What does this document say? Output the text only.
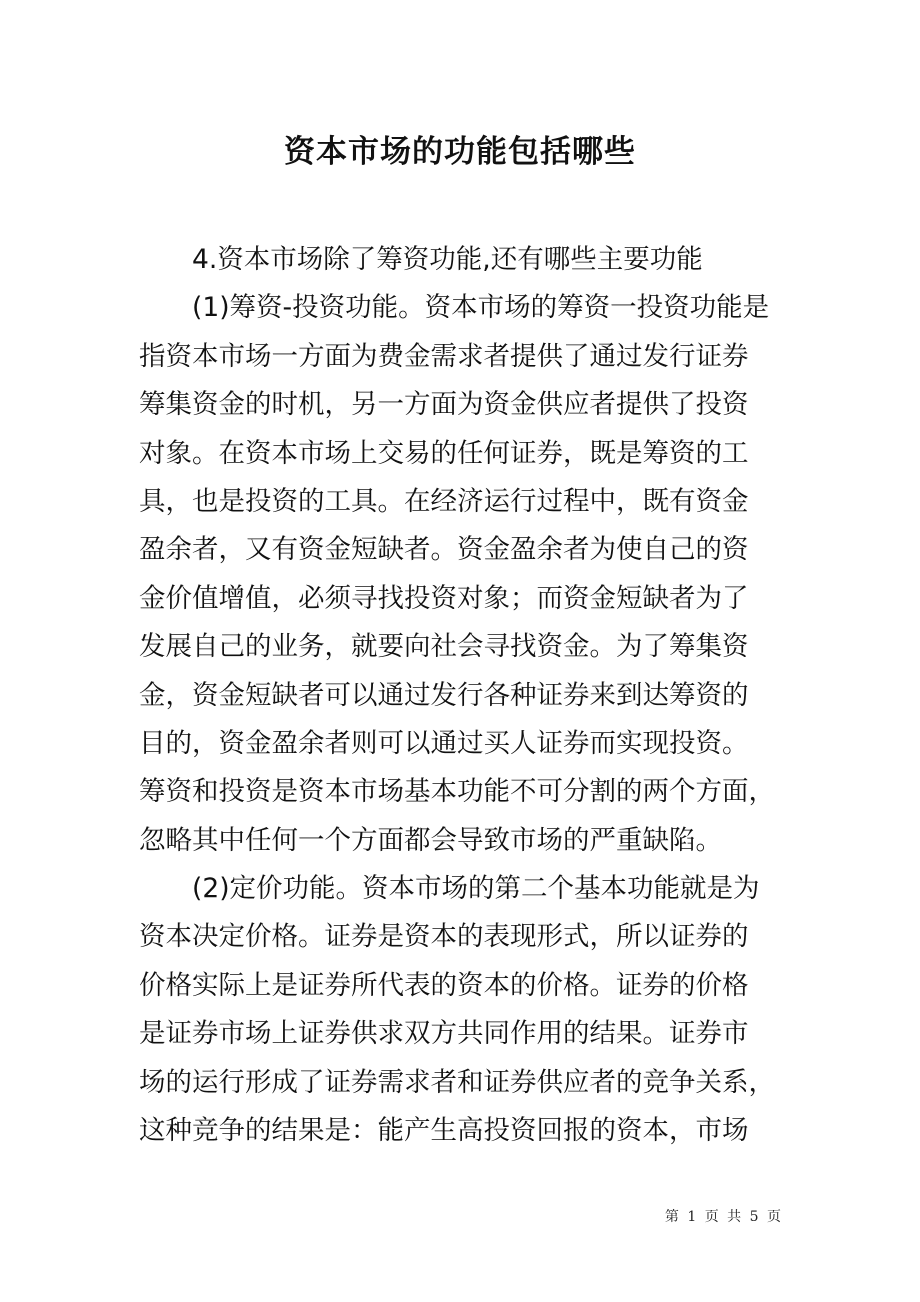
资本市场的功能包括哪些
4.资本市场除了筹资功能,还有哪些主要功能
(1)筹资-投资功能。资本市场的筹资一投资功能是
指资本市场一方面为费金需求者提供了通过发行证券
筹集资金的时机，另一方面为资金供应者提供了投资
对象。在资本市场上交易的任何证券，既是筹资的工
具，也是投资的工具。在经济运行过程中，既有资金
盈余者，又有资金短缺者。资金盈余者为使自己的资
金价值增值，必须寻找投资对象；而资金短缺者为了
发展自己的业务，就要向社会寻找资金。为了筹集资
金，资金短缺者可以通过发行各种证券来到达筹资的
目的，资金盈余者则可以通过买人证券而实现投资。
筹资和投资是资本市场基本功能不可分割的两个方面，
忽略其中任何一个方面都会导致市场的严重缺陷。
(2)定价功能。资本市场的第二个基本功能就是为
资本决定价格。证券是资本的表现形式，所以证券的
价格实际上是证券所代表的资本的价格。证券的价格
是证券市场上证券供求双方共同作用的结果。证券市
场的运行形成了证券需求者和证券供应者的竞争关系，
这种竞争的结果是：能产生高投资回报的资本，市场
第 1 页 共 5 页
